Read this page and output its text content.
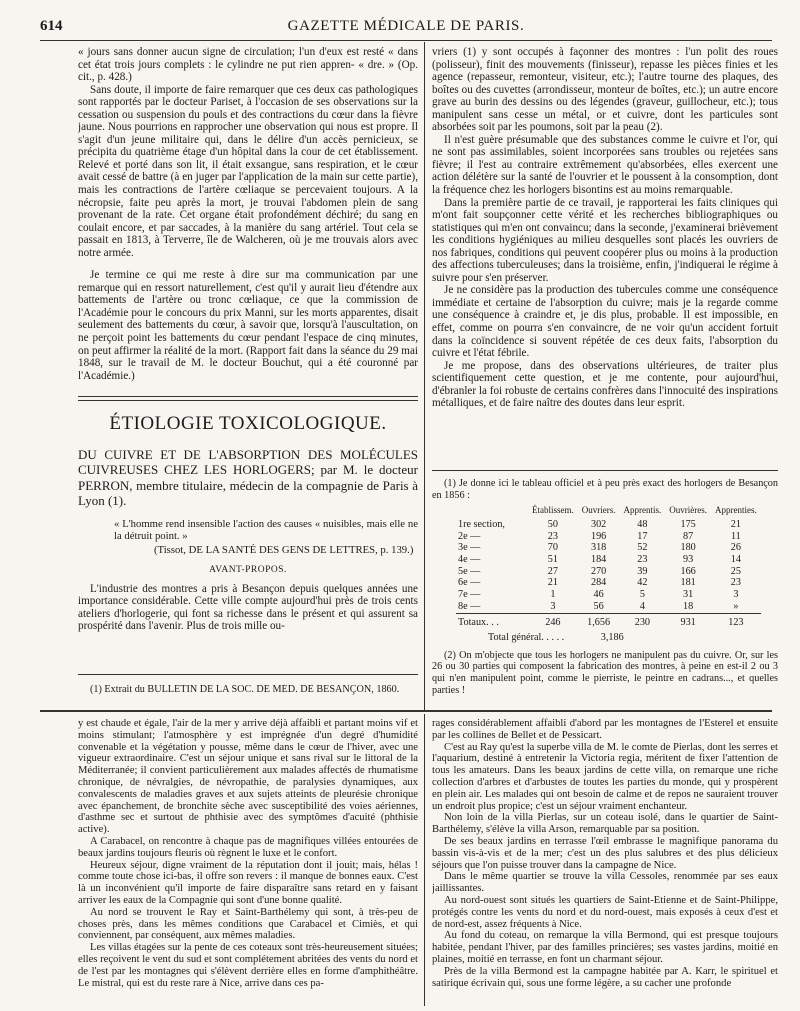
614	GAZETTE MÉDICALE DE PARIS.

« jours sans donner aucun signe de circulation; l'un d'eux est resté « dans cet état trois jours complets : le cylindre ne put rien appren- « dre. » (Op. cit., p. 428.)

Sans doute, il importe de faire remarquer que ces deux cas pathologiques sont rapportés par le docteur Pariset, à l'occasion de ses observations sur la cessation ou suspension du pouls et des contractions du cœur dans la fièvre jaune. Nous pourrions en rapprocher une observation qui nous est propre. Il s'agit d'un jeune militaire qui, dans le délire d'un accès pernicieux, se précipita du quatrième étage d'un hôpital dans la cour de cet établissement. Relevé et porté dans son lit, il était exsangue, sans respiration, et le cœur avait cessé de battre (à en juger par l'application de la main sur cette partie), mais les contractions de l'artère cœliaque se percevaient toujours. A la nécropsie, faite peu après la mort, je trouvai l'abdomen plein de sang provenant de la rate. Cet organe était profondément déchiré; du sang en coulait encore, et par saccades, à la manière du sang artériel. Tout cela se passait en 1813, à Terverre, île de Walcheren, où je me trouvais alors avec notre armée.

Je termine ce qui me reste à dire sur ma communication par une remarque qui en ressort naturellement, c'est qu'il y aurait lieu d'étendre aux battements de l'artère ou tronc cœliaque, ce que la commission de l'Académie pour le concours du prix Manni, sur les morts apparentes, disait seulement des battements du cœur, à savoir que, lorsqu'à l'auscultation, on ne perçoit point les battements du cœur pendant l'espace de cinq minutes, on peut affirmer la réalité de la mort. (Rapport fait dans la séance du 29 mai 1848, sur le travail de M. le docteur Bouchut, qui a été couronné par l'Académie.)

ÉTIOLOGIE TOXICOLOGIQUE.
DU CUIVRE ET DE L'ABSORPTION DES MOLÉCULES CUIVREUSES CHEZ LES HORLOGERS; par M. le docteur PERRON, membre titulaire, médecin de la compagnie de Paris à Lyon (1).
« L'homme rend insensible l'action des causes « nuisibles, mais elle ne la détruit point. »
(Tissot, DE LA SANTÉ DES GENS DE LETTRES, p. 139.)
AVANT-PROPOS.

L'industrie des montres a pris à Besançon depuis quelques années une importance considérable. Cette ville compte aujourd'hui près de trois cents ateliers d'horlogerie, qui font sa richesse dans le présent et qui assurent sa prospérité dans l'avenir. Plus de trois mille ou-

(1) Extrait du BULLETIN DE LA SOC. DE MÉD. DE BESANÇON, 1860.

vriers (1) y sont occupés à façonner des montres : l'un polit des roues (polisseur), finit des mouvements (finisseur), repasse les pièces finies et les agence (repasseur, remonteur, visiteur, etc.); l'autre tourne des plaques, des boîtes ou des cuvettes (arrondisseur, monteur de boîtes, etc.); un autre encore grave au burin des dessins ou des légendes (graveur, guillocheur, etc.); tous manipulent sans cesse un métal, or et cuivre, dont les particules sont absorbées soit par les poumons, soit par la peau (2).

Il n'est guère présumable que des substances comme le cuivre et l'or, qui ne sont pas assimilables, soient incorporées sans troubles ou rejetées sans fièvre; il l'est au contraire extrêmement qu'absorbées, elles exercent une action délétère sur la santé de l'ouvrier et le poussent à la consomption, dont la fréquence chez les horlogers bisontins est au moins remarquable.

Dans la première partie de ce travail, je rapporterai les faits cliniques qui m'ont fait soupçonner cette vérité et les recherches bibliographiques ou statistiques qui m'en ont convaincu; dans la seconde, j'examinerai brièvement les conditions hygiéniques au milieu desquelles sont placés les ouvriers de nos fabriques, conditions qui peuvent coopérer plus ou moins à la production des affections tuberculeuses; dans la troisième, enfin, j'indiquerai le régime à suivre pour s'en préserver.

Je ne considère pas la production des tubercules comme une conséquence immédiate et certaine de l'absorption du cuivre; mais je la regarde comme une conséquence à craindre et, je dis plus, probable. Il est impossible, en effet, comme on pourra s'en convaincre, de ne voir qu'un accident fortuit dans la coïncidence si souvent répétée de ces deux faits, l'absorption du cuivre et l'état fébrile.

Je me propose, dans des observations ultérieures, de traiter plus scientifiquement cette question, et je me contente, pour aujourd'hui, d'ébranler la foi robuste de certains confrères dans l'innocuité des inspirations métalliques, et de faire naître des doutes dans leur esprit.

(1) Je donne ici le tableau officiel et à peu près exact des horlogers de Besançon en 1856 :

	Établissem.	Ouvriers.	Apprentis.	Ouvrières.	Apprenties.
1re section,	50	302	48	175	21
2e —	23	196	17	87	11
3e —	70	318	52	180	26
4e —	51	184	23	93	14
5e —	27	270	39	166	25
6e —	21	284	42	181	23
7e —	1	46	5	31	3
8e —	3	56	4	18	»
Totaux. . .	246	1,656	230	931	123
Total général. . . . .	3,186

(2) On m'objecte que tous les horlogers ne manipulent pas du cuivre. Or, sur les 26 ou 30 parties qui composent la fabrication des montres, à peine en est-il 2 ou 3 qui n'en manipulent point, comme le pierriste, le peintre en cadrans..., et quelles parties !

y est chaude et égale, l'air de la mer y arrive déjà affaibli et partant moins vif et moins stimulant; l'atmosphère y est imprégnée d'un degré d'humidité convenable et la végétation y pousse, même dans le cœur de l'hiver, avec une vigueur extraordinaire. C'est un séjour unique et sans rival sur le littoral de la Méditerranée; il convient particulièrement aux malades affectés de rhumatisme chronique, de névralgies, de névropathie, de paralysies dynamiques, aux convalescents de maladies graves et aux sujets atteints de pleurésie chronique avec épanchement, de bronchite sèche avec susceptibilité des voies aériennes, d'asthme sec et surtout de phthisie avec des symptômes d'acuité (phthisie active).

A Carabacel, on rencontre à chaque pas de magnifiques villées entourées de beaux jardins toujours fleuris où règnent le luxe et le confort.

Heureux séjour, digne vraiment de la réputation dont il jouit; mais, hélas ! comme toute chose ici-bas, il offre son revers : il manque de bonnes eaux. C'est là un inconvénient qu'il importe de faire disparaître sans retard en y faisant arriver les eaux de la Compagnie qui sont d'une bonne qualité.

Au nord se trouvent le Ray et Saint-Barthélemy qui sont, à très-peu de choses près, dans les mêmes conditions que Carabacel et Cimiès, et qui conviennent, par conséquent, aux mêmes maladies.

Les villas étagées sur la pente de ces coteaux sont très-heureusement situées; elles reçoivent le vent du sud et sont complétement abritées des vents du nord et de l'est par les montagnes qui s'élèvent derrière elles en forme d'amphithéâtre. Le mistral, qui est du reste rare à Nice, arrive dans ces pa-

rages considérablement affaibli d'abord par les montagnes de l'Esterel et ensuite par les collines de Bellet et de Pessicart.

C'est au Ray qu'est la superbe villa de M. le comte de Pierlas, dont les serres et l'aquarium, destiné à entretenir la Victoria regia, méritent de fixer l'attention de tous les amateurs. Dans les beaux jardins de cette villa, on remarque une riche collection d'arbres et d'arbustes de toutes les parties du monde, qui y prospèrent en plein air. Les malades qui ont besoin de calme et de repos ne sauraient trouver un endroit plus propice; c'est un séjour vraiment enchanteur.

Non loin de la villa Pierlas, sur un coteau isolé, dans le quartier de Saint-Barthélemy, s'élève la villa Arson, remarquable par sa position.

De ses beaux jardins en terrasse l'œil embrasse le magnifique panorama du bassin vis-à-vis et de la mer; c'est un des plus salubres et des plus délicieux séjours que l'on puisse trouver dans la campagne de Nice.

Dans le même quartier se trouve la villa Cessoles, renommée par ses eaux jaillissantes.

Au nord-ouest sont situés les quartiers de Saint-Etienne et de Saint-Philippe, protégés contre les vents du nord et du nord-ouest, mais exposés à ceux d'est et de nord-est, assez fréquents à Nice.

Au fond du coteau, on remarque la villa Bermond, qui est presque toujours habitée, pendant l'hiver, par des familles princières; ses vastes jardins, moitié en plaines, moitié en terrasse, en font un charmant séjour.

Près de la villa Bermond est la campagne habitée par A. Karr, le spirituel et satirique écrivain qui, sous une forme légère, a su cacher une profonde
